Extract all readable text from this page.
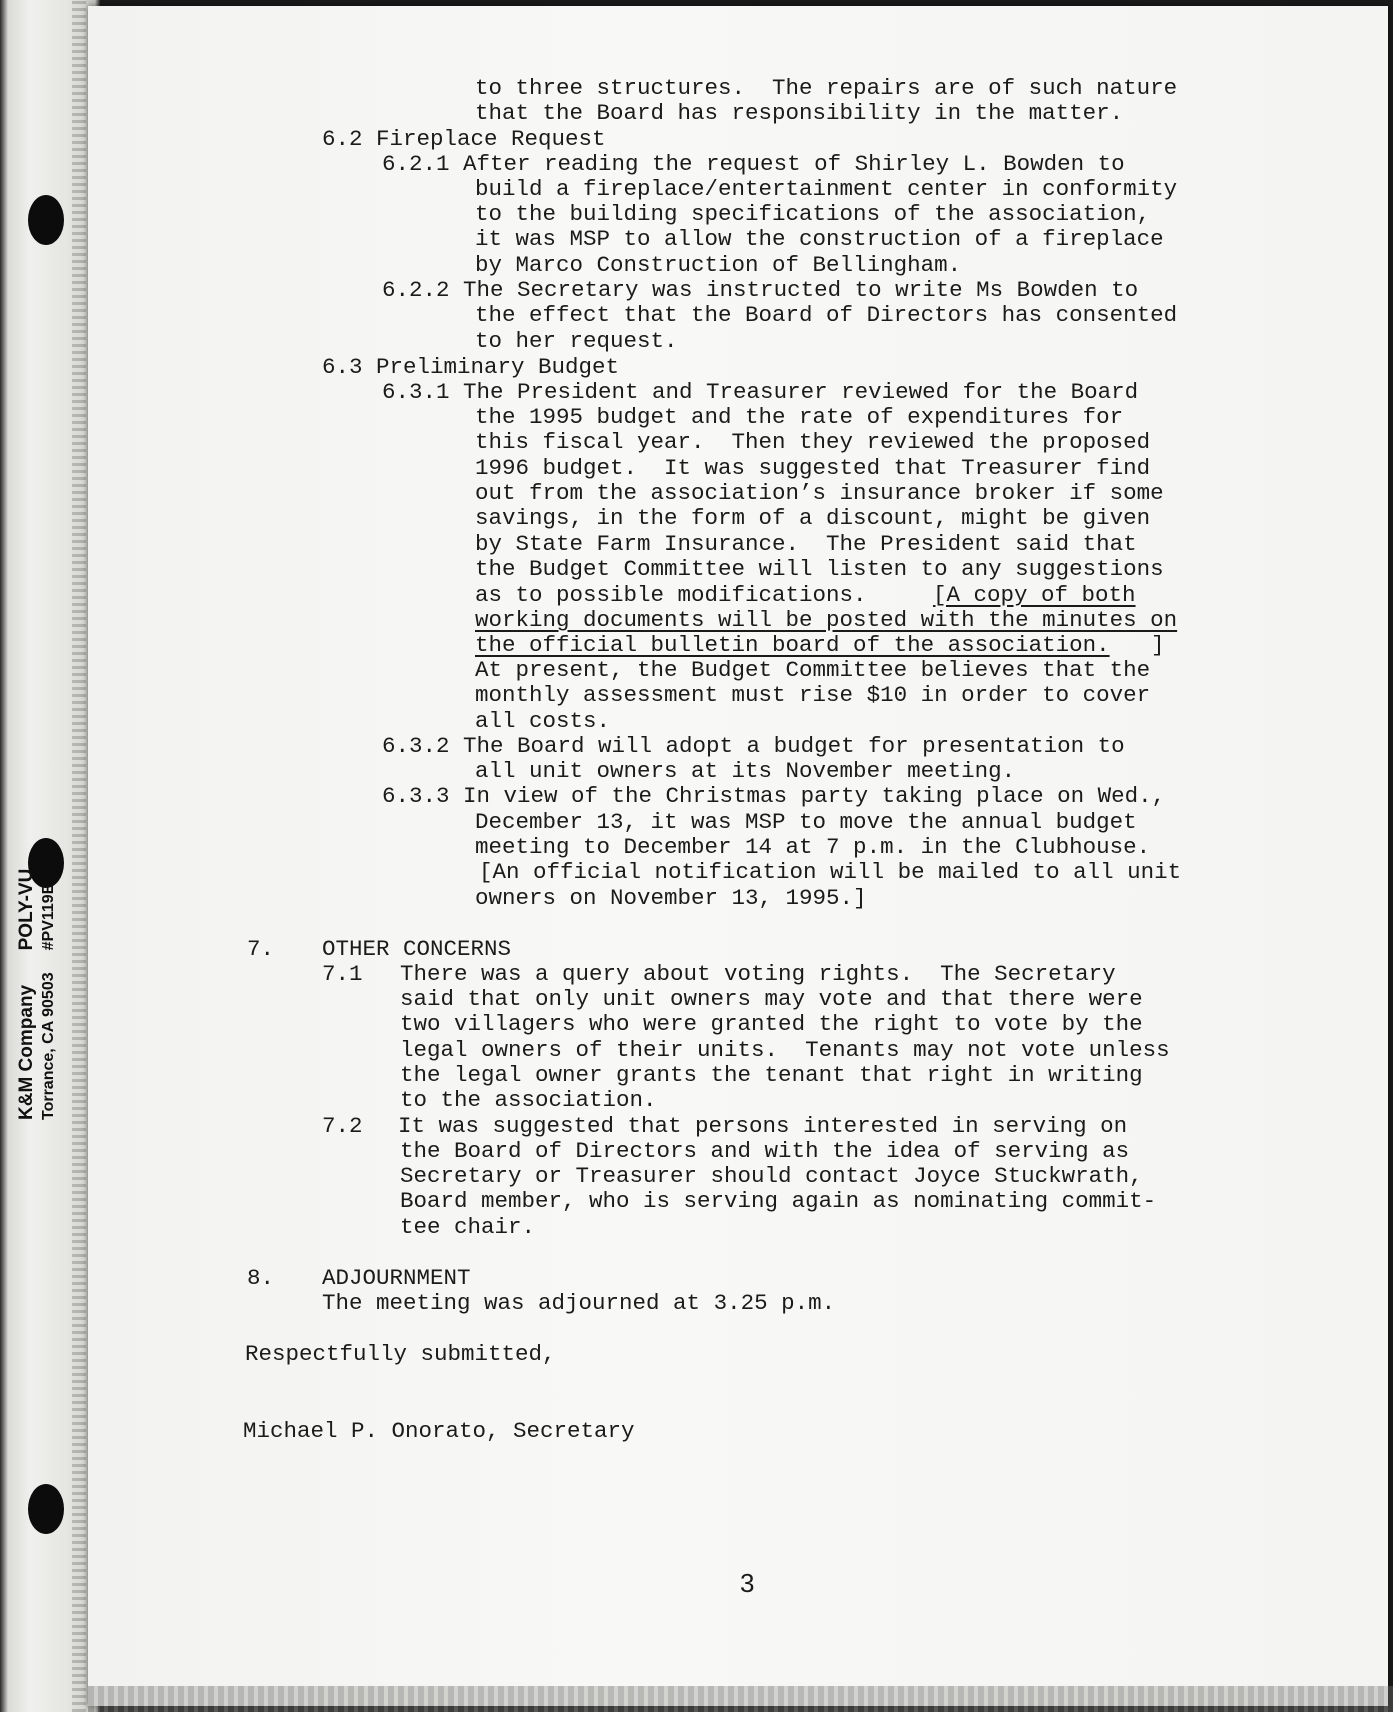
K&M Company Torrance, CA 90503
POLY-VU #PV119E
to three structures.  The repairs are of such nature
that the Board has responsibility in the matter.
6.2 Fireplace Request
6.2.1 After reading the request of Shirley L. Bowden to
build a fireplace/entertainment center in conformity
to the building specifications of the association,
it was MSP to allow the construction of a fireplace
by Marco Construction of Bellingham.
6.2.2 The Secretary was instructed to write Ms Bowden to
the effect that the Board of Directors has consented
to her request.
6.3 Preliminary Budget
6.3.1 The President and Treasurer reviewed for the Board
the 1995 budget and the rate of expenditures for
this fiscal year.  Then they reviewed the proposed
1996 budget.  It was suggested that Treasurer find
out from the association’s insurance broker if some
savings, in the form of a discount, might be given
by State Farm Insurance.  The President said that
the Budget Committee will listen to any suggestions
as to possible modifications.	[A copy of both
working documents will be posted with the minutes on
the official bulletin board of the association. ]
At present, the Budget Committee believes that the
monthly assessment must rise $10 in order to cover
all costs.
6.3.2 The Board will adopt a budget for presentation to
all unit owners at its November meeting.
6.3.3 In view of the Christmas party taking place on Wed.,
December 13, it was MSP to move the annual budget
meeting to December 14 at 7 p.m. in the Clubhouse.
[An official notification will be mailed to all unit
owners on November 13, 1995.]
7. OTHER CONCERNS
7.1 There was a query about voting rights.  The Secretary
said that only unit owners may vote and that there were
two villagers who were granted the right to vote by the
legal owners of their units.  Tenants may not vote unless
the legal owner grants the tenant that right in writing
to the association.
7.2 It was suggested that persons interested in serving on
the Board of Directors and with the idea of serving as
Secretary or Treasurer should contact Joyce Stuckwrath,
Board member, who is serving again as nominating commit-
tee chair.
8. ADJOURNMENT
The meeting was adjourned at 3.25 p.m.
Respectfully submitted,
Michael P. Onorato, Secretary
3
